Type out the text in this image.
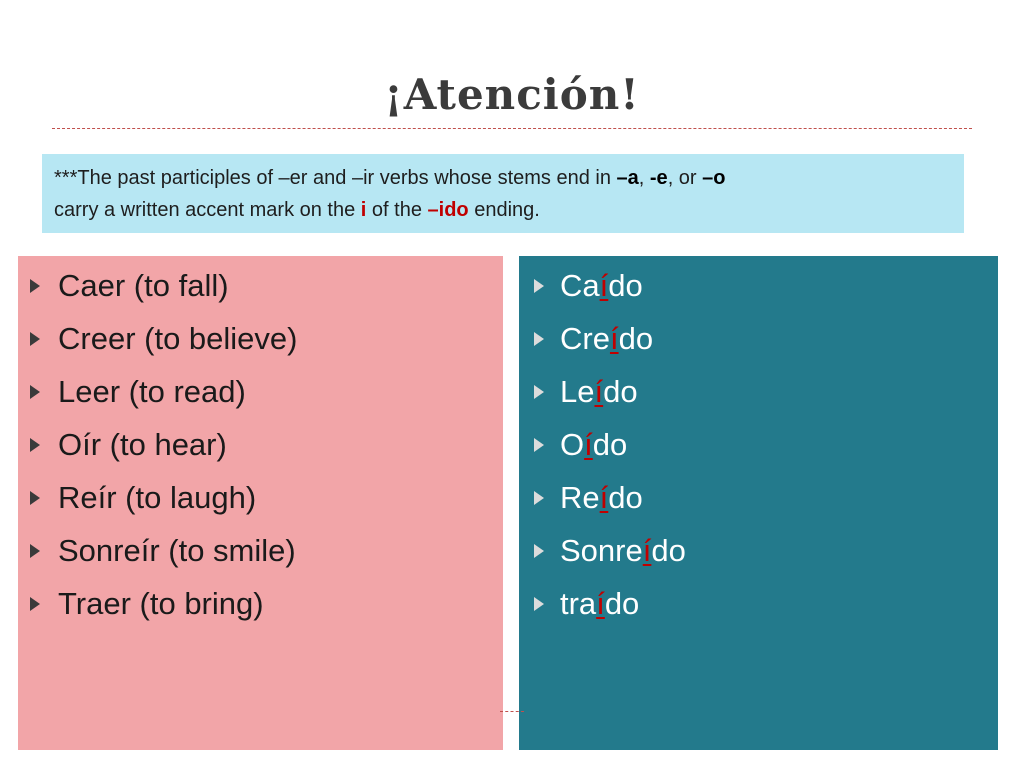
¡Atención!
***The past participles of –er and –ir verbs whose stems end in –a, -e, or –o
carry a written accent mark on the i of the –ido ending.
Caer (to fall)
Creer (to believe)
Leer (to read)
Oír (to hear)
Reír (to laugh)
Sonreír (to smile)
Traer (to bring)
Caído
Creído
Leído
Oído
Reído
Sonreído
traído
